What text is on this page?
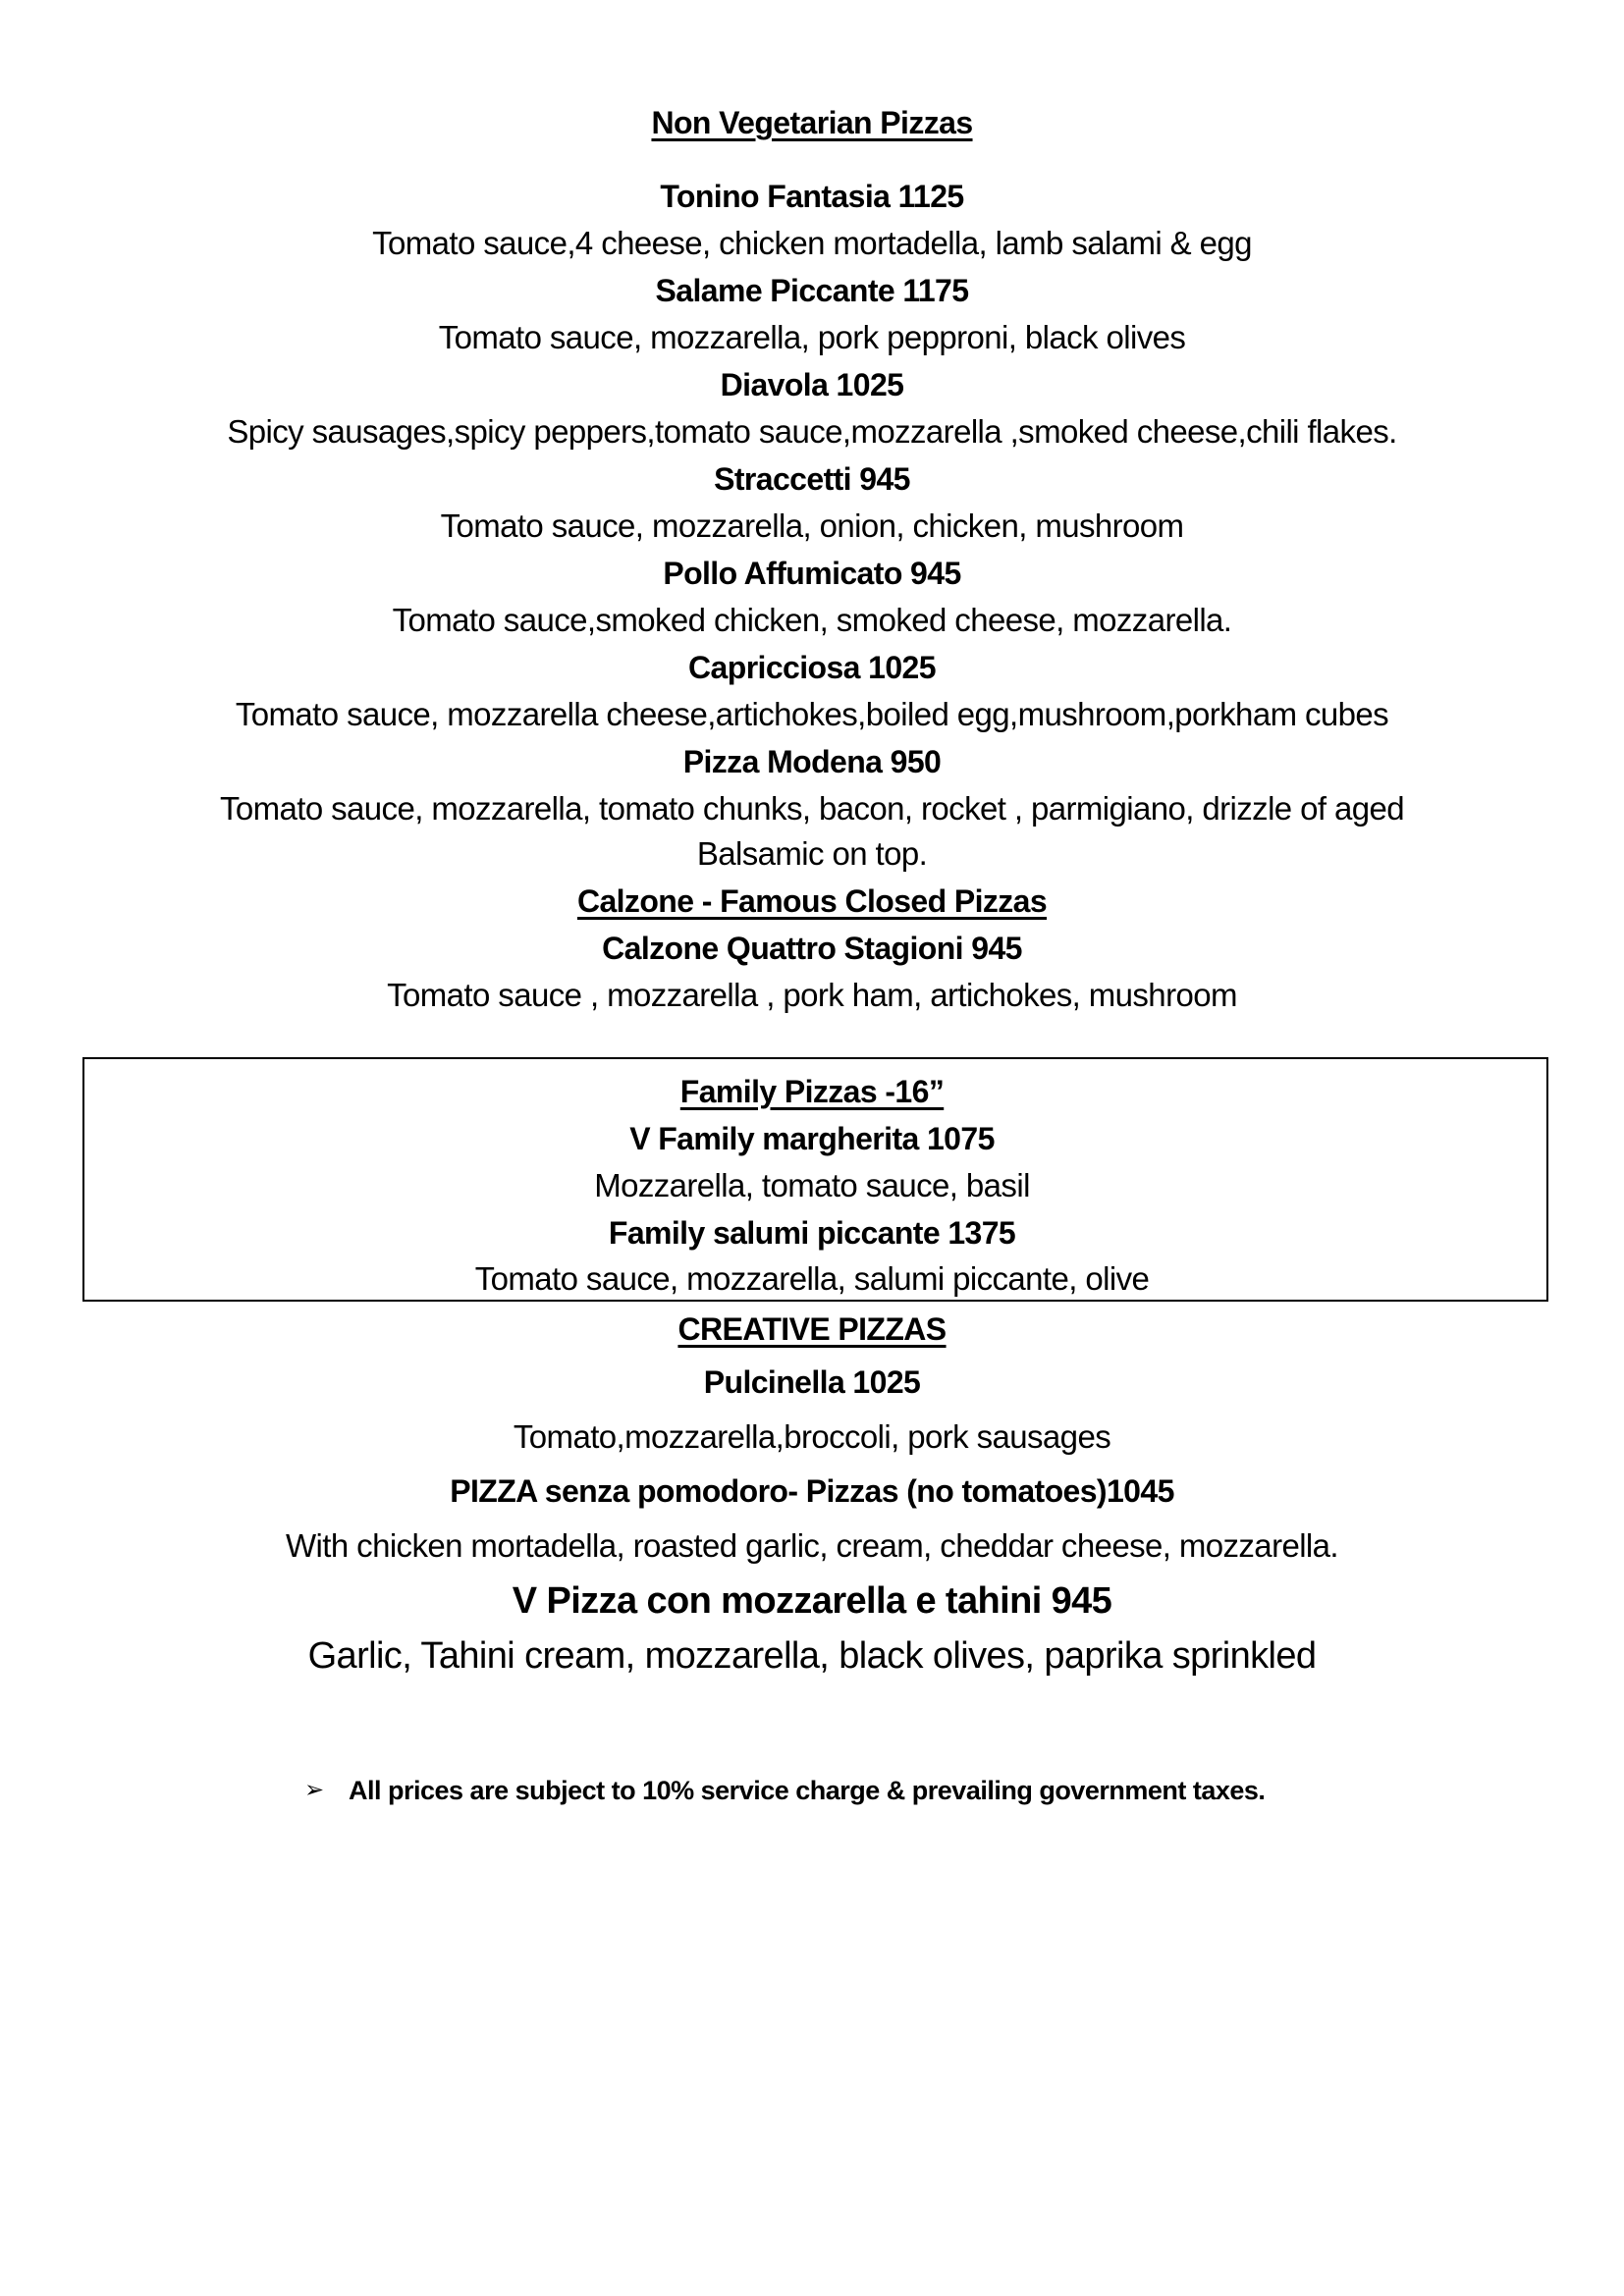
Non Vegetarian Pizzas
Tonino Fantasia 1125
Tomato sauce,4 cheese, chicken mortadella, lamb salami & egg
Salame Piccante 1175
Tomato sauce, mozzarella, pork pepproni, black olives
Diavola 1025
Spicy sausages,spicy peppers,tomato sauce,mozzarella ,smoked cheese,chili flakes.
Straccetti 945
Tomato sauce, mozzarella, onion, chicken, mushroom
Pollo Affumicato 945
Tomato sauce,smoked chicken, smoked cheese, mozzarella.
Capricciosa 1025
Tomato sauce, mozzarella cheese,artichokes,boiled egg,mushroom,porkham cubes
Pizza Modena 950
Tomato sauce, mozzarella, tomato chunks, bacon, rocket , parmigiano, drizzle of aged
Balsamic on top.
Calzone - Famous Closed Pizzas
Calzone Quattro Stagioni 945
Tomato sauce , mozzarella , pork ham, artichokes, mushroom
Family Pizzas -16”
V Family margherita 1075
Mozzarella, tomato sauce, basil
Family salumi piccante 1375
Tomato sauce, mozzarella, salumi piccante, olive
CREATIVE PIZZAS
Pulcinella 1025
Tomato,mozzarella,broccoli, pork sausages
PIZZA senza pomodoro- Pizzas (no tomatoes)1045
With chicken mortadella, roasted garlic, cream, cheddar cheese, mozzarella.
V Pizza con mozzarella e tahini 945
Garlic, Tahini cream, mozzarella, black olives, paprika sprinkled
➢ All prices are subject to 10% service charge & prevailing government taxes.
